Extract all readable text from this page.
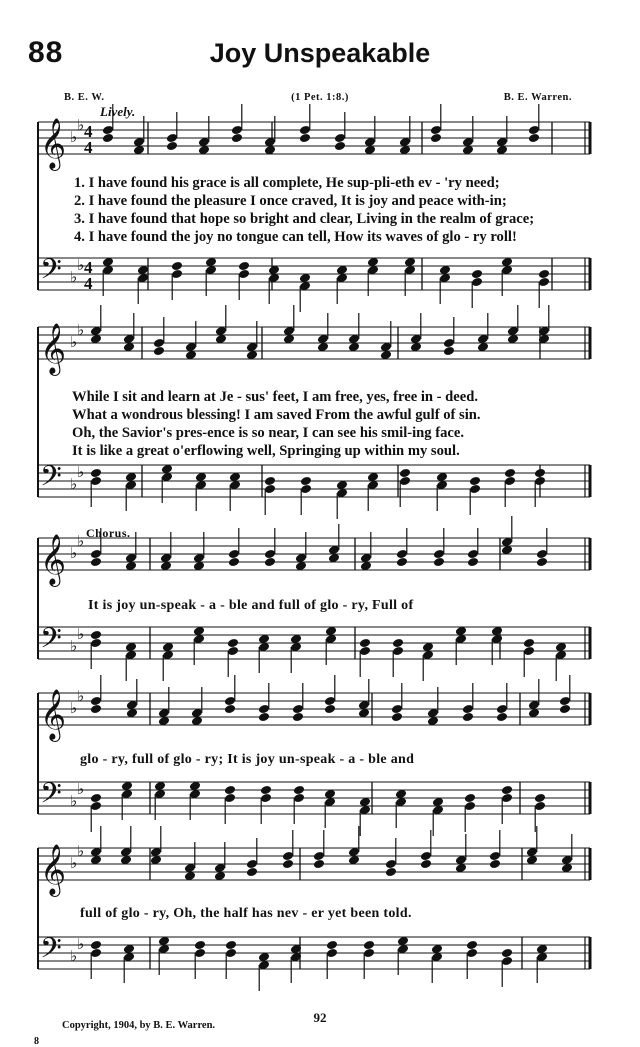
𝄞 ♭
♭ 4
4
𝄢 ♭
♭ 4
4
𝄞 ♭
♭
𝄢 ♭
♭
𝄞 ♭
♭
𝄢 ♭
♭
𝄞 ♭
♭
𝄢 ♭
♭
𝄞 ♭
♭
𝄢 ♭
♭
88	Joy Unspeakable
B. E. W.	(1 Pet. 1:8.)	B. E. Warren.
Lively.
1. I have found his grace is all complete, He sup-pli-eth ev - 'ry need;
2. I have found the pleasure I once craved, It is joy and peace with-in;
3. I have found that hope so bright and clear, Living in the realm of grace;
4. I have found the joy no tongue can tell, How its waves of glo - ry roll!
While I sit and learn at Je - sus' feet, I am free, yes, free in - deed.
What a wondrous blessing! I am saved From the awful gulf of sin.
Oh, the Savior's pres-ence is so near, I can see his smil-ing face.
It is like a great o'erflowing well, Springing up within my soul.
Chorus.
It is joy un-speak - a - ble and full of glo - ry, Full of
glo - ry, full of glo - ry; It is joy un-speak - a - ble and
full of glo - ry, Oh, the half has nev - er yet been told.
Copyright, 1904, by B. E. Warren.
92
8
